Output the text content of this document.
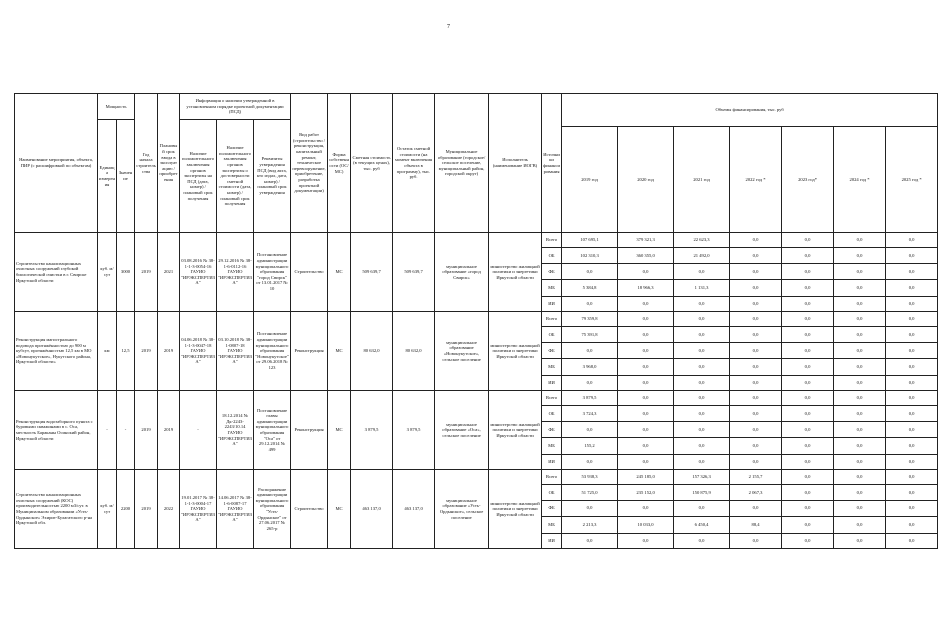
7
Наименование мероприятия, объекта, ПИР (с расшифровкой по объектам)	Мощность		Год начала строительства	Плановый срок ввода в эксплуатацию / приобретения	Информация о наличии утвержденной в установленном порядке проектной документации (ПСД)			Вид работ (строительство / реконструкция, капитальный ремонт, техническое перевооружение, приобретение, разработка проектной документации)	Форма собственности (ОС/МС)	Сметная стоимость (в текущих ценах), тыс. руб	Остаток сметной стоимости (на момент включения объекта в программу), тыс. руб.	Муниципальное образование (городское/сельское поселение, муниципальный район, городской округ)	Исполнитель (наименование ИОГВ)	Источники финансирования	Объемы финансирования, тыс. руб						
	Единица измерения	Значение			Наличие положительного заключения органов экспертизы на ПСД (дата, номер) / плановый срок получения	Наличие положительного заключения органов экспертизы о достоверности сметной стоимости (дата, номер) / плановый срок получения	Реквизиты утверждения ПСД (вид акта, кто издал, дата, номер) / плановый срок утверждения														
															2019 год	2020 год	2021 год	2022 год *	2023 год*	2024 год *	2025 год *
Строительство канализационных очистных сооружений глубокой биологической очистки в г. Свирске Иркутской области	куб. м/сут	3000	2019	2021	03.08.2016 № 38-1-1-3-0054-16 ГАУИО "ИРЭКСПЕРТИЗА"	29.12.2016 № 38-1-6-0112-16 ГАУИО "ИРЭКСПЕРТИЗА"	Постановление администрации муниципального образования "город Свирск" от 13.01.2017 № 10	Строительство	МС	509 639,7	509 639,7	муниципальное образование «город Свирск»	министерство жилищной политики и энергетики Иркутской области	Всего	107 695,1	379 321,3	22 623,3	0,0	0,0	0,0	0,0
														ОБ	102 310,3	360 355,0	21 492,0	0,0	0,0	0,0	0,0
														ФБ	0,0	0,0	0,0	0,0	0,0	0,0	0,0
														МБ	5 384,8	18 966,3	1 131,3	0,0	0,0	0,0	0,0
														ИИ	0,0	0,0	0,0	0,0	0,0	0,0	0,0
Реконструкция магистрального водовода протяжённостью до 900 м кубсут, протяжённостью 12,5 км в МО «Новонукутское», Нукутского района, Иркутской области»	км	12,5	2019	2019	04.06.2018 № 38-1-1-3-0047-18 ГАУИО "ИРЭКСПЕРТИЗА"	03.10.2018 № 38-1-0807-18 ГАУИО "ИРЭКСПЕРТИЗА"	Постановление администрации муниципального образования "Новонукутское" от 29.06.2018 № 123	Реконструкция	МС	80 632,0	80 632,0	муниципальное образование «Новонукутское», сельское поселение	министерство жилищной политики и энергетики Иркутской области	Всего	79 359,8	0,0	0,0	0,0	0,0	0,0	0,0
														ОБ	75 391,8	0,0	0,0	0,0	0,0	0,0	0,0
														ФБ	0,0	0,0	0,0	0,0	0,0	0,0	0,0
														МБ	3 968,0	0,0	0,0	0,0	0,0	0,0	0,0
														ИИ	0,0	0,0	0,0	0,0	0,0	0,0	0,0
Реконструкция водозаборного пункта с буровыми скважинами в с. Оса, местность Бараканы Осинский район, Иркутской области	-	-	2019	2019	-	18.12.2014 № Дк-2243-2243/10.14 ГАУИО "ИРЭКСПЕРТИЗА"	Постановление главы администрации муниципального образования "Оса" от 29.12.2014 № 499	Реконструкция	МС	3 879,5	3 879,5	муниципальное образование «Оса», сельское поселение	министерство жилищной политики и энергетики Иркутской области	Всего	3 879,5	0,0	0,0	0,0	0,0	0,0	0,0
														ОБ	3 724,3	0,0	0,0	0,0	0,0	0,0	0,0
														ФБ	0,0	0,0	0,0	0,0	0,0	0,0	0,0
														МБ	155,2	0,0	0,0	0,0	0,0	0,0	0,0
														ИИ	0,0	0,0	0,0	0,0	0,0	0,0	0,0
Строительство канализационных очистных сооружений (КОС) производительностью 2200 м3/сут. в Муниципальном образовании «Усть-Ордынское» Эхирит-Булагатского р-на Иркутской обл.	куб. м/сут	2200	2019	2022	19.01.2017 № 38-1-1-3-0004-17 ГАУИО "ИРЭКСПЕРТИЗА"	14.06.2017 № 38-1-6-0087-17 ГАУИО "ИРЭКСПЕРТИЗА"	Распоряжение администрации муниципального образования "Усть-Ордынское" от 27.06.2017 № 265-р	Строительство	МС	463 137,0	463 137,0	муниципальное образование «Усть-Ордынское», сельское поселение	министерство жилищной политики и энергетики Иркутской области	Всего	53 938,3	245 185,0	157 326,3	2 155,7	0,0	0,0	0,0
														ОБ	51 725,0	235 152,0	150 875,9	2 067,3	0,0	0,0	0,0
														ФБ	0,0	0,0	0,0	0,0	0,0	0,0	0,0
														МБ	2 213,3	10 033,0	6 450,4	88,4	0,0	0,0	0,0
														ИИ	0,0	0,0	0,0	0,0	0,0	0,0	0,0
